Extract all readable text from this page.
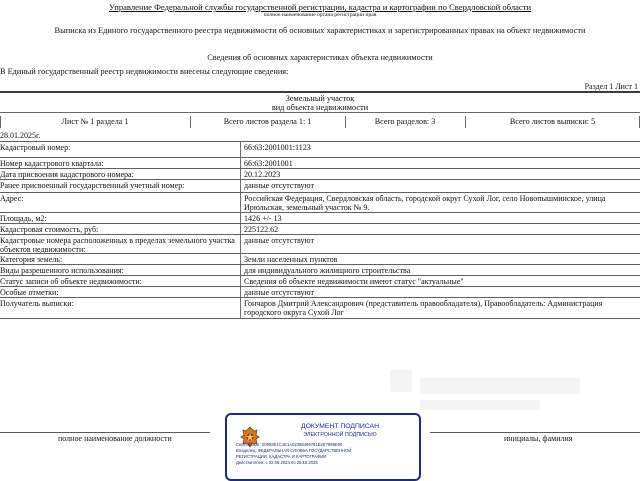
Управление Федеральной службы государственной регистрации, кадастра и картографии по Свердловской области
полное наименование органа регистрации прав
Выписка из Единого государственного реестра недвижимости об основных характеристиках и зарегистрированных правах на объект недвижимости
Сведения об основных характеристиках объекта недвижимости
В Единый государственный реестр недвижимости внесены следующие сведения:
Раздел 1 Лист 1
Земельный участок
вид объекта недвижимости
Лист № 1 раздела 1	Всего листов раздела 1: 1	Всего разделов: 3	Всего листов выписки: 5
28.01.2025г.
Кадастровый номер:	66:63:2001001:1123
Номер кадастрового квартала:	66:63:2001001
Дата присвоения кадастрового номера:	20.12.2023
Ранее присвоенный государственный учетный номер:	данные отсутствуют
Адрес:	Российская Федерация, Свердловская область, городской округ Сухой Лог, село Новопышминское, улица Ирюльская, земельный участок № 9.
Площадь, м2:	1426 +/- 13
Кадастровая стоимость, руб:	225122.62
Кадастровые номера расположенных в пределах земельного участка объектов недвижимости:
данные отсутствуют
Категория земель:	Земли населенных пунктов
Виды разрешенного использования:	для индивидуального жилищного строительства
Статус записи об объекте недвижимости:	Сведения об объекте недвижимости имеют статус "актуальные"
Особые отметки:	данные отсутствуют
Получатель выписки:	Гончаров Дмитрий Александрович (представитель правообладателя), Правообладатель: Администрация городского округа Сухой Лог
полное наименование должности	инициалы, фамилия
ДОКУМЕНТ ПОДПИСАН
ЭЛЕКТРОННОЙ ПОДПИСЬЮ
Сертификат: 00958E1C1E1A02398499781E2E7986E00
Владелец: ФЕДЕРАЛЬНАЯ СЛУЖБА ГОСУДАРСТВЕННОЙ
РЕГИСТРАЦИИ, КАДАСТРА И КАРТОГРАФИИ
Действителен: с 02.08.2024 по 26.10.2025
